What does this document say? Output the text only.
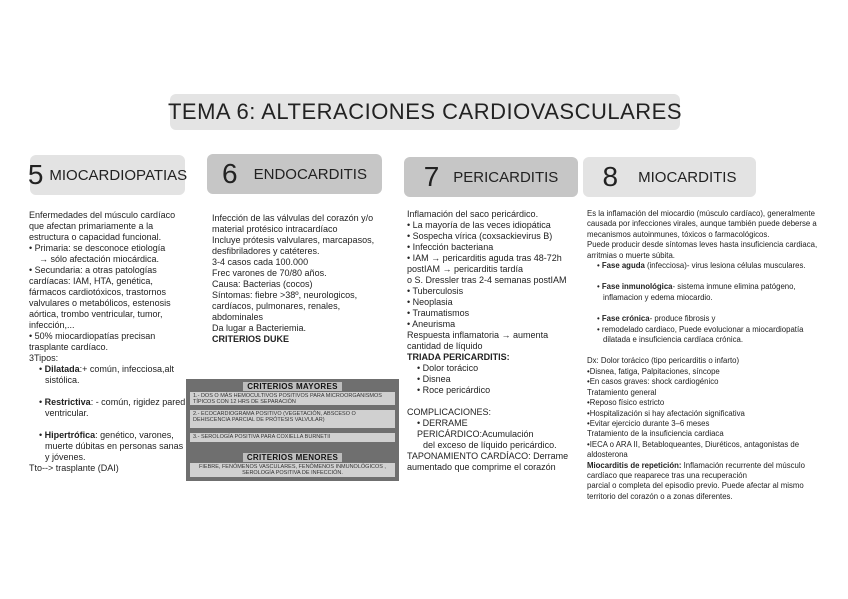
TEMA 6: ALTERACIONES CARDIOVASCULARES
5 MIOCARDIOPATIAS 6 ENDOCARDITIS 7 PERICARDITIS 8 MIOCARDITIS

Enfermedades del músculo cardíaco

que afectan primariamente a la

estructura o capacidad funcional.

• Primaria: se desconoce etiología

→ sólo afectación miocárdica.

• Secundaria: a otras patologías

cardíacas: IAM, HTA, genética,

fármacos cardiotóxicos, trastornos

valvulares o metabólicos, estenosis

aórtica, trombo ventricular, tumor,

infección,...

• 50% miocardiopatías precisan

trasplante cardíaco.

3Tipos:

• Dilatada:+ común, infecciosa,alt

sistólica.

• Restrictiva: - común, rigidez pared

ventricular.

• Hipertrófica: genético, varones,

muerte dúbitas en personas sanas

y jóvenes.

Tto--> trasplante (DAI)

Infección de las válvulas del corazón y/o

material protésico intracardíaco

Incluye prótesis valvulares, marcapasos,

desfibriladores y catéteres.

3-4 casos cada 100.000

Frec varones de 70/80 años.

Causa: Bacterias (cocos)

Síntomas: fiebre >38º, neurologicos,

cardíacos, pulmonares, renales,

abdominales

Da lugar a Bacteriemia.

CRITERIOS DUKE

CRITERIOS MAYORES
1.- DOS O MÁS HEMOCULTIVOS POSITIVOS PARA MICROORGANISMOS TÍPICOS CON 12 HRS DE SEPARACIÓN
2.- ECOCARDIOGRAMA POSITIVO (VEGETACIÓN, ABSCESO O DEHISCENCIA PARCIAL DE PRÓTESIS VALVULAR)
3.- SEROLOGÍA POSITIVA PARA COXIELLA BURNETII
CRITERIOS MENORES
FIEBRE, FENÓMENOS VASCULARES, FENÓMENOS INMUNOLÓGICOS , SEROLOGÍA POSITIVA DE INFECCIÓN.

Inflamación del saco pericárdico.

• La mayoría de las veces idiopática

• Sospecha vírica (coxsackievirus B)

• Infección bacteriana

• IAM → pericarditis aguda tras 48-72h

postIAM → pericarditis tardía

o S. Dressler tras 2-4 semanas postIAM

• Tuberculosis

• Neoplasia

• Traumatismos

• Aneurisma

Respuesta inflamatoria → aumenta

cantidad de líquido

TRIADA PERICARDITIS:

• Dolor torácico

• Disnea

• Roce pericárdico

COMPLICACIONES:

• DERRAME PERICÁRDICO:Acumulación

del exceso de líquido pericárdico.

TAPONAMIENTO CARDÍACO: Derrame

aumentado que comprime el corazón

Es la inflamación del miocardio (músculo cardíaco), generalmente

causada por infecciones virales, aunque también puede deberse a

mecanismos autoinmunes, tóxicos o farmacológicos.

Puede producir desde síntomas leves hasta insuficiencia cardiaca,

arritmias o muerte súbita.

• Fase aguda (infecciosa)- virus lesiona células musculares.

• Fase inmunológica- sistema inmune elimina patógeno,

inflamacion y edema miocardio.

• Fase crónica- produce fibrosis y

• remodelado cardiaco, Puede evolucionar a miocardiopatía

dilatada e insuficiencia cardíaca crónica.

Dx: Dolor torácico (tipo pericarditis o infarto)

•Disnea, fatiga, Palpitaciones, síncope

•En casos graves: shock cardiogénico

Tratamiento general

•Reposo físico estricto

•Hospitalización si hay afectación significativa

•Evitar ejercicio durante 3–6 meses

Tratamiento de la insuficiencia cardiaca

•IECA o ARA II, Betabloqueantes, Diuréticos, antagonistas de

aldosterona

Miocarditis de repetición: Inflamación recurrente del músculo

cardíaco que reaparece tras una recuperación

parcial o completa del episodio previo. Puede afectar al mismo

territorio del corazón o a zonas diferentes.
